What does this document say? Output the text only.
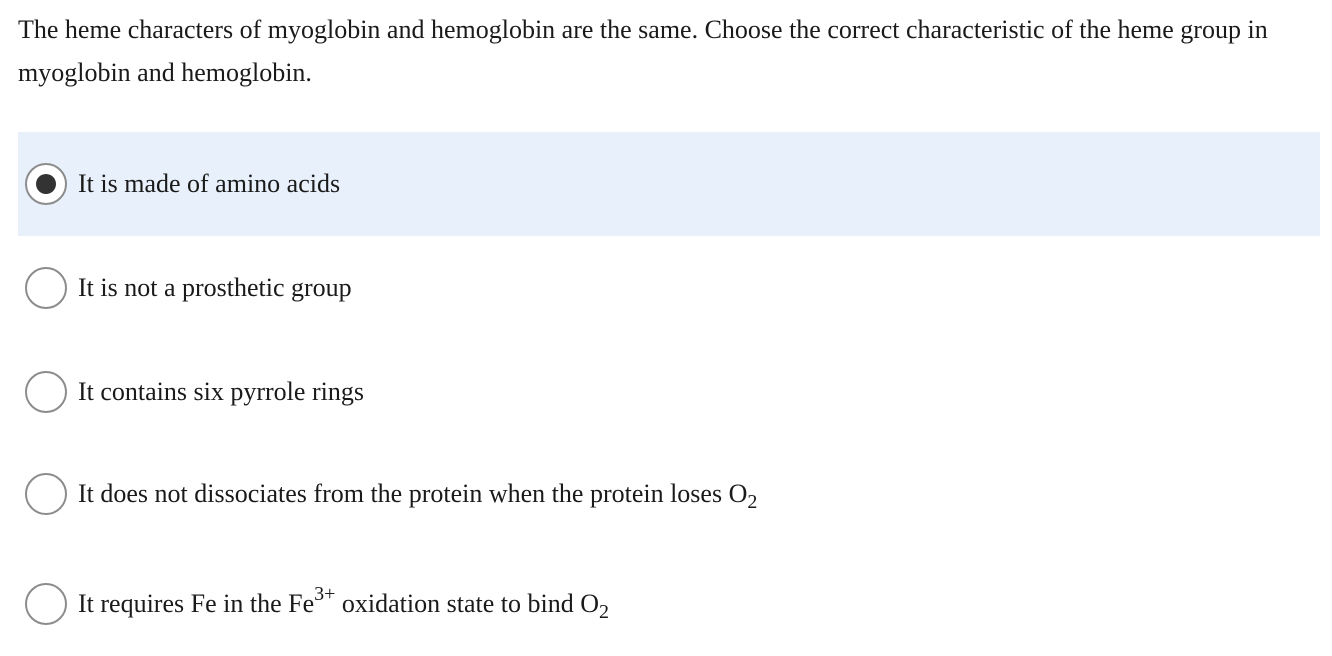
The heme characters of myoglobin and hemoglobin are the same. Choose the correct characteristic of the heme group in myoglobin and hemoglobin.
It is made of amino acids
It is not a prosthetic group
It contains six pyrrole rings
It does not dissociates from the protein when the protein loses $O_2$
It requires Fe in the $Fe^{3+}$ oxidation state to bind $O_2$
